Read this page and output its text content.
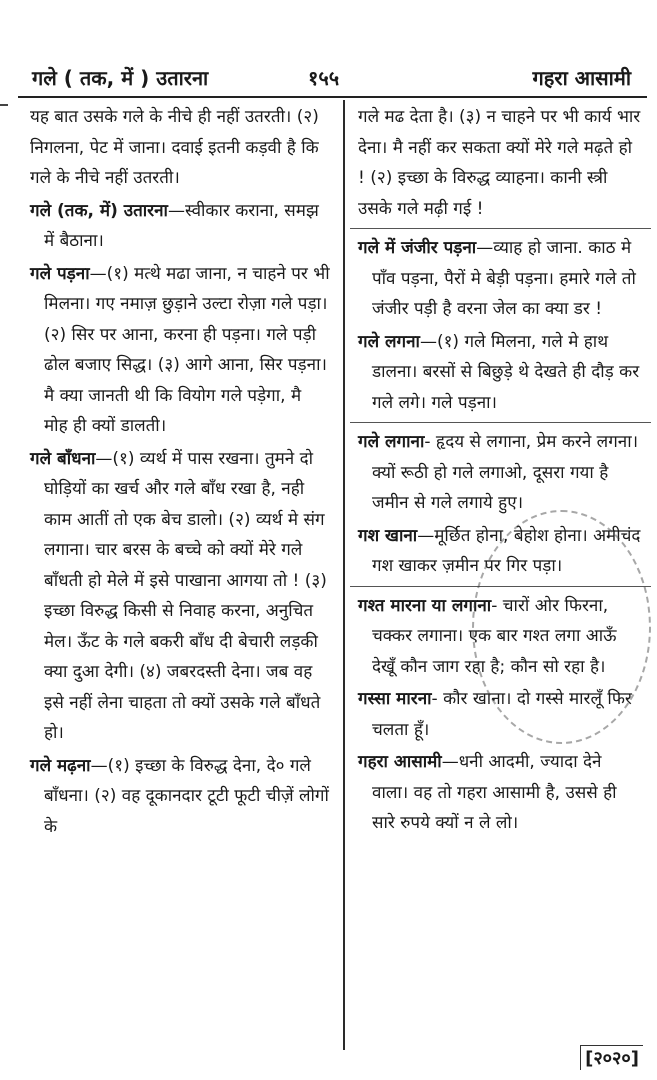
गले ( तक, में ) उतारना	१५५	गहरा आसामी
यह बात उसके गले के नीचे ही नहीं उतरती। (२) निगलना, पेट में जाना। दवाई इतनी कड़वी है कि गले के नीचे नहीं उतरती।
गले (तक, में) उतारना—स्वीकार कराना, समझ में बैठाना।
गले पड़ना—(१) मत्थे मढा जाना, न चाहने पर भी मिलना। गए नमाज़ छुड़ाने उल्टा रोज़ा गले पड़ा। (२) सिर पर आना, करना ही पड़ना। गले पड़ी ढोल बजाए सिद्ध। (३) आगे आना, सिर पड़ना। मै क्या जानती थी कि वियोग गले पड़ेगा, मै मोह ही क्यों डालती।
गले बाँधना—(१) व्यर्थ में पास रखना। तुमने दो घोड़ियों का खर्च और गले बाँध रखा है, नही काम आतीं तो एक बेच डालो। (२) व्यर्थ मे संग लगाना। चार बरस के बच्चे को क्यों मेरे गले बाँधती हो मेले में इसे पाखाना आगया तो ! (३) इच्छा विरुद्ध किसी से निवाह करना, अनुचित मेल। ऊँट के गले बकरी बाँध दी बेचारी लड़की क्या दुआ देगी। (४) जबरदस्ती देना। जब वह इसे नहीं लेना चाहता तो क्यों उसके गले बाँधते हो।
गले मढ़ना—(१) इच्छा के विरुद्ध देना, दे० गले बाँधना। (२) वह दूकानदार टूटी फूटी चीज़ें लोगों के
गले मढ देता है। (३) न चाहने पर भी कार्य भार देना। मै नहीं कर सकता क्यों मेरे गले मढ़ते हो ! (२) इच्छा के विरुद्ध व्याहना। कानी स्त्री उसके गले मढ़ी गई !
गले में जंजीर पड़ना—व्याह हो जाना. काठ मे पाँव पड़ना, पैरों मे बेड़ी पड़ना। हमारे गले तो जंजीर पड़ी है वरना जेल का क्या डर !
गले लगना—(१) गले मिलना, गले मे हाथ डालना। बरसों से बिछुड़े थे देखते ही दौड़ कर गले लगे। गले पड़ना।
गले लगाना- हृदय से लगाना, प्रेम करने लगना। क्यों रूठी हो गले लगाओ, दूसरा गया है जमीन से गले लगाये हुए।
गश खाना—मूर्छित होना, बेहोश होना। अमीचंद गश खाकर ज़मीन पर गिर पड़ा।
गश्त मारना या लगाना- चारों ओर फिरना, चक्कर लगाना। एक बार गश्त लगा आऊँ देखूँ कौन जाग रहा है; कौन सो रहा है।
गस्सा मारना- कौर खाना। दो गस्से मारलूँ फिर चलता हूँ।
गहरा आसामी—धनी आदमी, ज्यादा देने वाला। वह तो गहरा आसामी है, उससे ही सारे रुपये क्यों न ले लो।
[२०२०]
